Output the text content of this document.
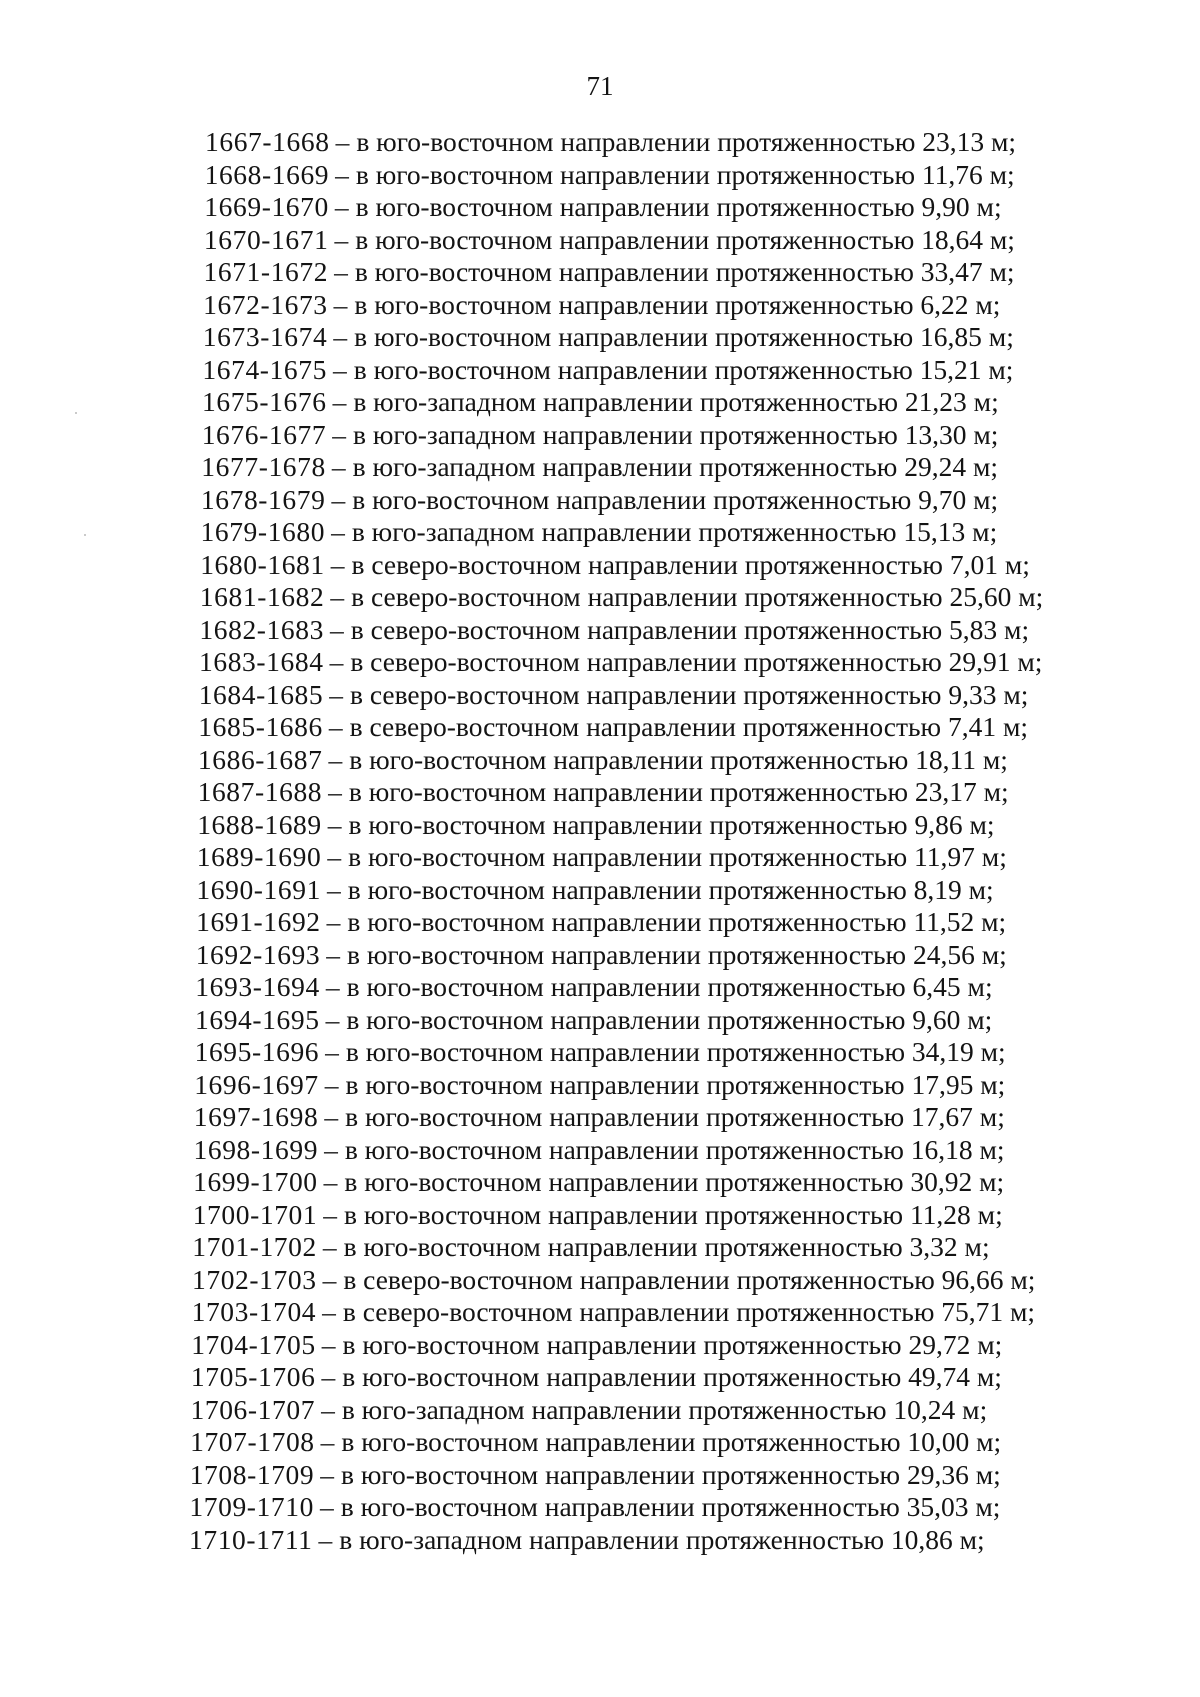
71
1667-1668 – в юго-восточном направлении протяженностью 23,13 м;
1668-1669 – в юго-восточном направлении протяженностью 11,76 м;
1669-1670 – в юго-восточном направлении протяженностью 9,90 м;
1670-1671 – в юго-восточном направлении протяженностью 18,64 м;
1671-1672 – в юго-восточном направлении протяженностью 33,47 м;
1672-1673 – в юго-восточном направлении протяженностью 6,22 м;
1673-1674 – в юго-восточном направлении протяженностью 16,85 м;
1674-1675 – в юго-восточном направлении протяженностью 15,21 м;
1675-1676 – в юго-западном направлении протяженностью 21,23 м;
1676-1677 – в юго-западном направлении протяженностью 13,30 м;
1677-1678 – в юго-западном направлении протяженностью 29,24 м;
1678-1679 – в юго-восточном направлении протяженностью 9,70 м;
1679-1680 – в юго-западном направлении протяженностью 15,13 м;
1680-1681 – в северо-восточном направлении протяженностью 7,01 м;
1681-1682 – в северо-восточном направлении протяженностью 25,60 м;
1682-1683 – в северо-восточном направлении протяженностью 5,83 м;
1683-1684 – в северо-восточном направлении протяженностью 29,91 м;
1684-1685 – в северо-восточном направлении протяженностью 9,33 м;
1685-1686 – в северо-восточном направлении протяженностью 7,41 м;
1686-1687 – в юго-восточном направлении протяженностью 18,11 м;
1687-1688 – в юго-восточном направлении протяженностью 23,17 м;
1688-1689 – в юго-восточном направлении протяженностью 9,86 м;
1689-1690 – в юго-восточном направлении протяженностью 11,97 м;
1690-1691 – в юго-восточном направлении протяженностью 8,19 м;
1691-1692 – в юго-восточном направлении протяженностью 11,52 м;
1692-1693 – в юго-восточном направлении протяженностью 24,56 м;
1693-1694 – в юго-восточном направлении протяженностью 6,45 м;
1694-1695 – в юго-восточном направлении протяженностью 9,60 м;
1695-1696 – в юго-восточном направлении протяженностью 34,19 м;
1696-1697 – в юго-восточном направлении протяженностью 17,95 м;
1697-1698 – в юго-восточном направлении протяженностью 17,67 м;
1698-1699 – в юго-восточном направлении протяженностью 16,18 м;
1699-1700 – в юго-восточном направлении протяженностью 30,92 м;
1700-1701 – в юго-восточном направлении протяженностью 11,28 м;
1701-1702 – в юго-восточном направлении протяженностью 3,32 м;
1702-1703 – в северо-восточном направлении протяженностью 96,66 м;
1703-1704 – в северо-восточном направлении протяженностью 75,71 м;
1704-1705 – в юго-восточном направлении протяженностью 29,72 м;
1705-1706 – в юго-восточном направлении протяженностью 49,74 м;
1706-1707 – в юго-западном направлении протяженностью 10,24 м;
1707-1708 – в юго-восточном направлении протяженностью 10,00 м;
1708-1709 – в юго-восточном направлении протяженностью 29,36 м;
1709-1710 – в юго-восточном направлении протяженностью 35,03 м;
1710-1711 – в юго-западном направлении протяженностью 10,86 м;
